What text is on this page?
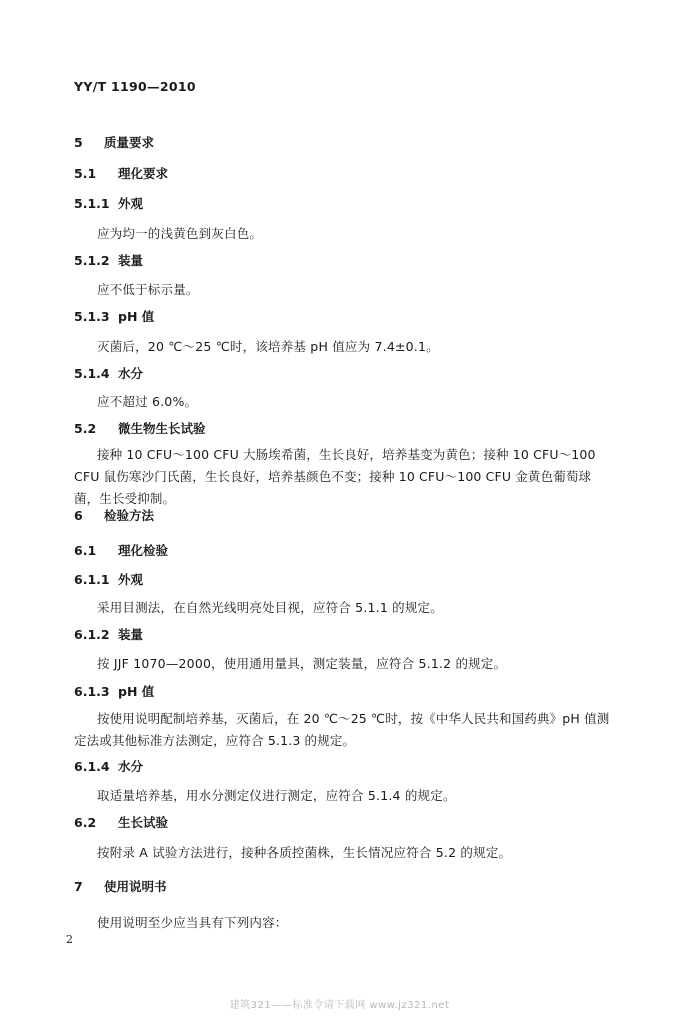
YY/T 1190—2010
5 质量要求
5.1 理化要求
5.1.1 外观
应为均一的浅黄色到灰白色。
5.1.2 装量
应不低于标示量。
5.1.3 pH 值
灭菌后，20 ℃～25 ℃时，该培养基 pH 值应为 7.4±0.1。
5.1.4 水分
应不超过 6.0%。
5.2 微生物生长试验
接种 10 CFU～100 CFU 大肠埃希菌，生长良好，培养基变为黄色；接种 10 CFU～100 CFU 鼠伤寒沙门氏菌，生长良好，培养基颜色不变；接种 10 CFU～100 CFU 金黄色葡萄球菌，生长受抑制。
6 检验方法
6.1 理化检验
6.1.1 外观
采用目测法，在自然光线明亮处目视，应符合 5.1.1 的规定。
6.1.2 装量
按 JJF 1070—2000，使用通用量具，测定装量，应符合 5.1.2 的规定。
6.1.3 pH 值
按使用说明配制培养基，灭菌后，在 20 ℃～25 ℃时，按《中华人民共和国药典》pH 值测定法或其他标准方法测定，应符合 5.1.3 的规定。
6.1.4 水分
取适量培养基，用水分测定仪进行测定，应符合 5.1.4 的规定。
6.2 生长试验
按附录 A 试验方法进行，接种各质控菌株，生长情况应符合 5.2 的规定。
7 使用说明书
使用说明至少应当具有下列内容：
2
建筑321——标准令请下载网 www.jz321.net
